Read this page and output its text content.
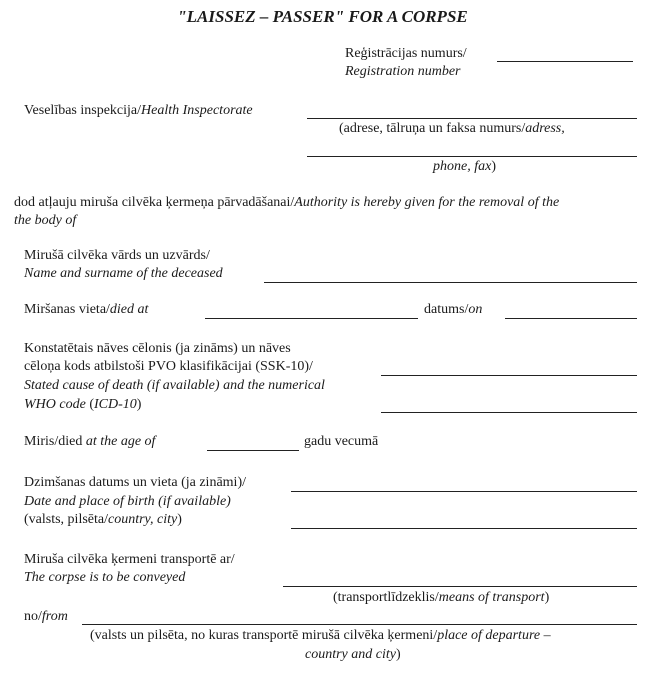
"LAISSEZ – PASSER" FOR A CORPSE
Reģistrācijas numurs/
Registration number
Veselības inspekcija/Health Inspectorate
(adrese, tālruņa un faksa numurs/adress,
phone, fax)
dod atļauju miruša cilvēka ķermeņa pārvadāšanai/Authority is hereby given for the removal of the
the body of
Mirušā cilvēka vārds un uzvārds/
Name and surname of the deceased
Miršanas vieta/died at	datums/on
Konstatētais nāves cēlonis (ja zināms) un nāves
cēloņa kods atbilstoši PVO klasifikācijai (SSK-10)/
Stated cause of death (if available) and the numerical
WHO code (ICD-10)
Miris/died at the age of	gadu vecumā
Dzimšanas datums un vieta (ja zināmi)/
Date and place of birth (if available)
(valsts, pilsēta/country, city)
Miruša cilvēka ķermeni transportē ar/
The corpse is to be conveyed
(transportlīdzeklis/means of transport)
no/from
(valsts un pilsēta, no kuras transportē mirušā cilvēka ķermeni/place of departure –
country and city)
